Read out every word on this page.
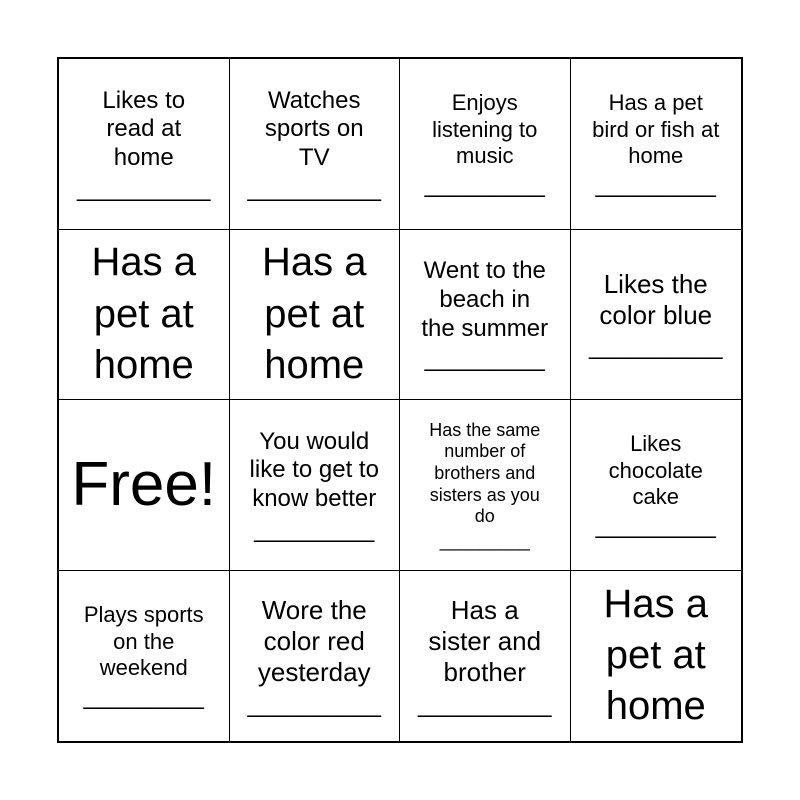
Likes to
read at
home
__________
Watches
sports on
TV
__________
Enjoys
listening to
music
_________
Has a pet
bird or fish at
home
_________
Has a
pet at
home
Has a
pet at
home
Went to the
beach in
the summer
_________
Likes the
color blue
__________
Free!
You would
like to get to
know better
_________
Has the same
number of
brothers and
sisters as you
do
_________
Likes
chocolate
cake
_________
Plays sports
on the
weekend
_________
Wore the
color red
yesterday
__________
Has a
sister and
brother
__________
Has a
pet at
home
